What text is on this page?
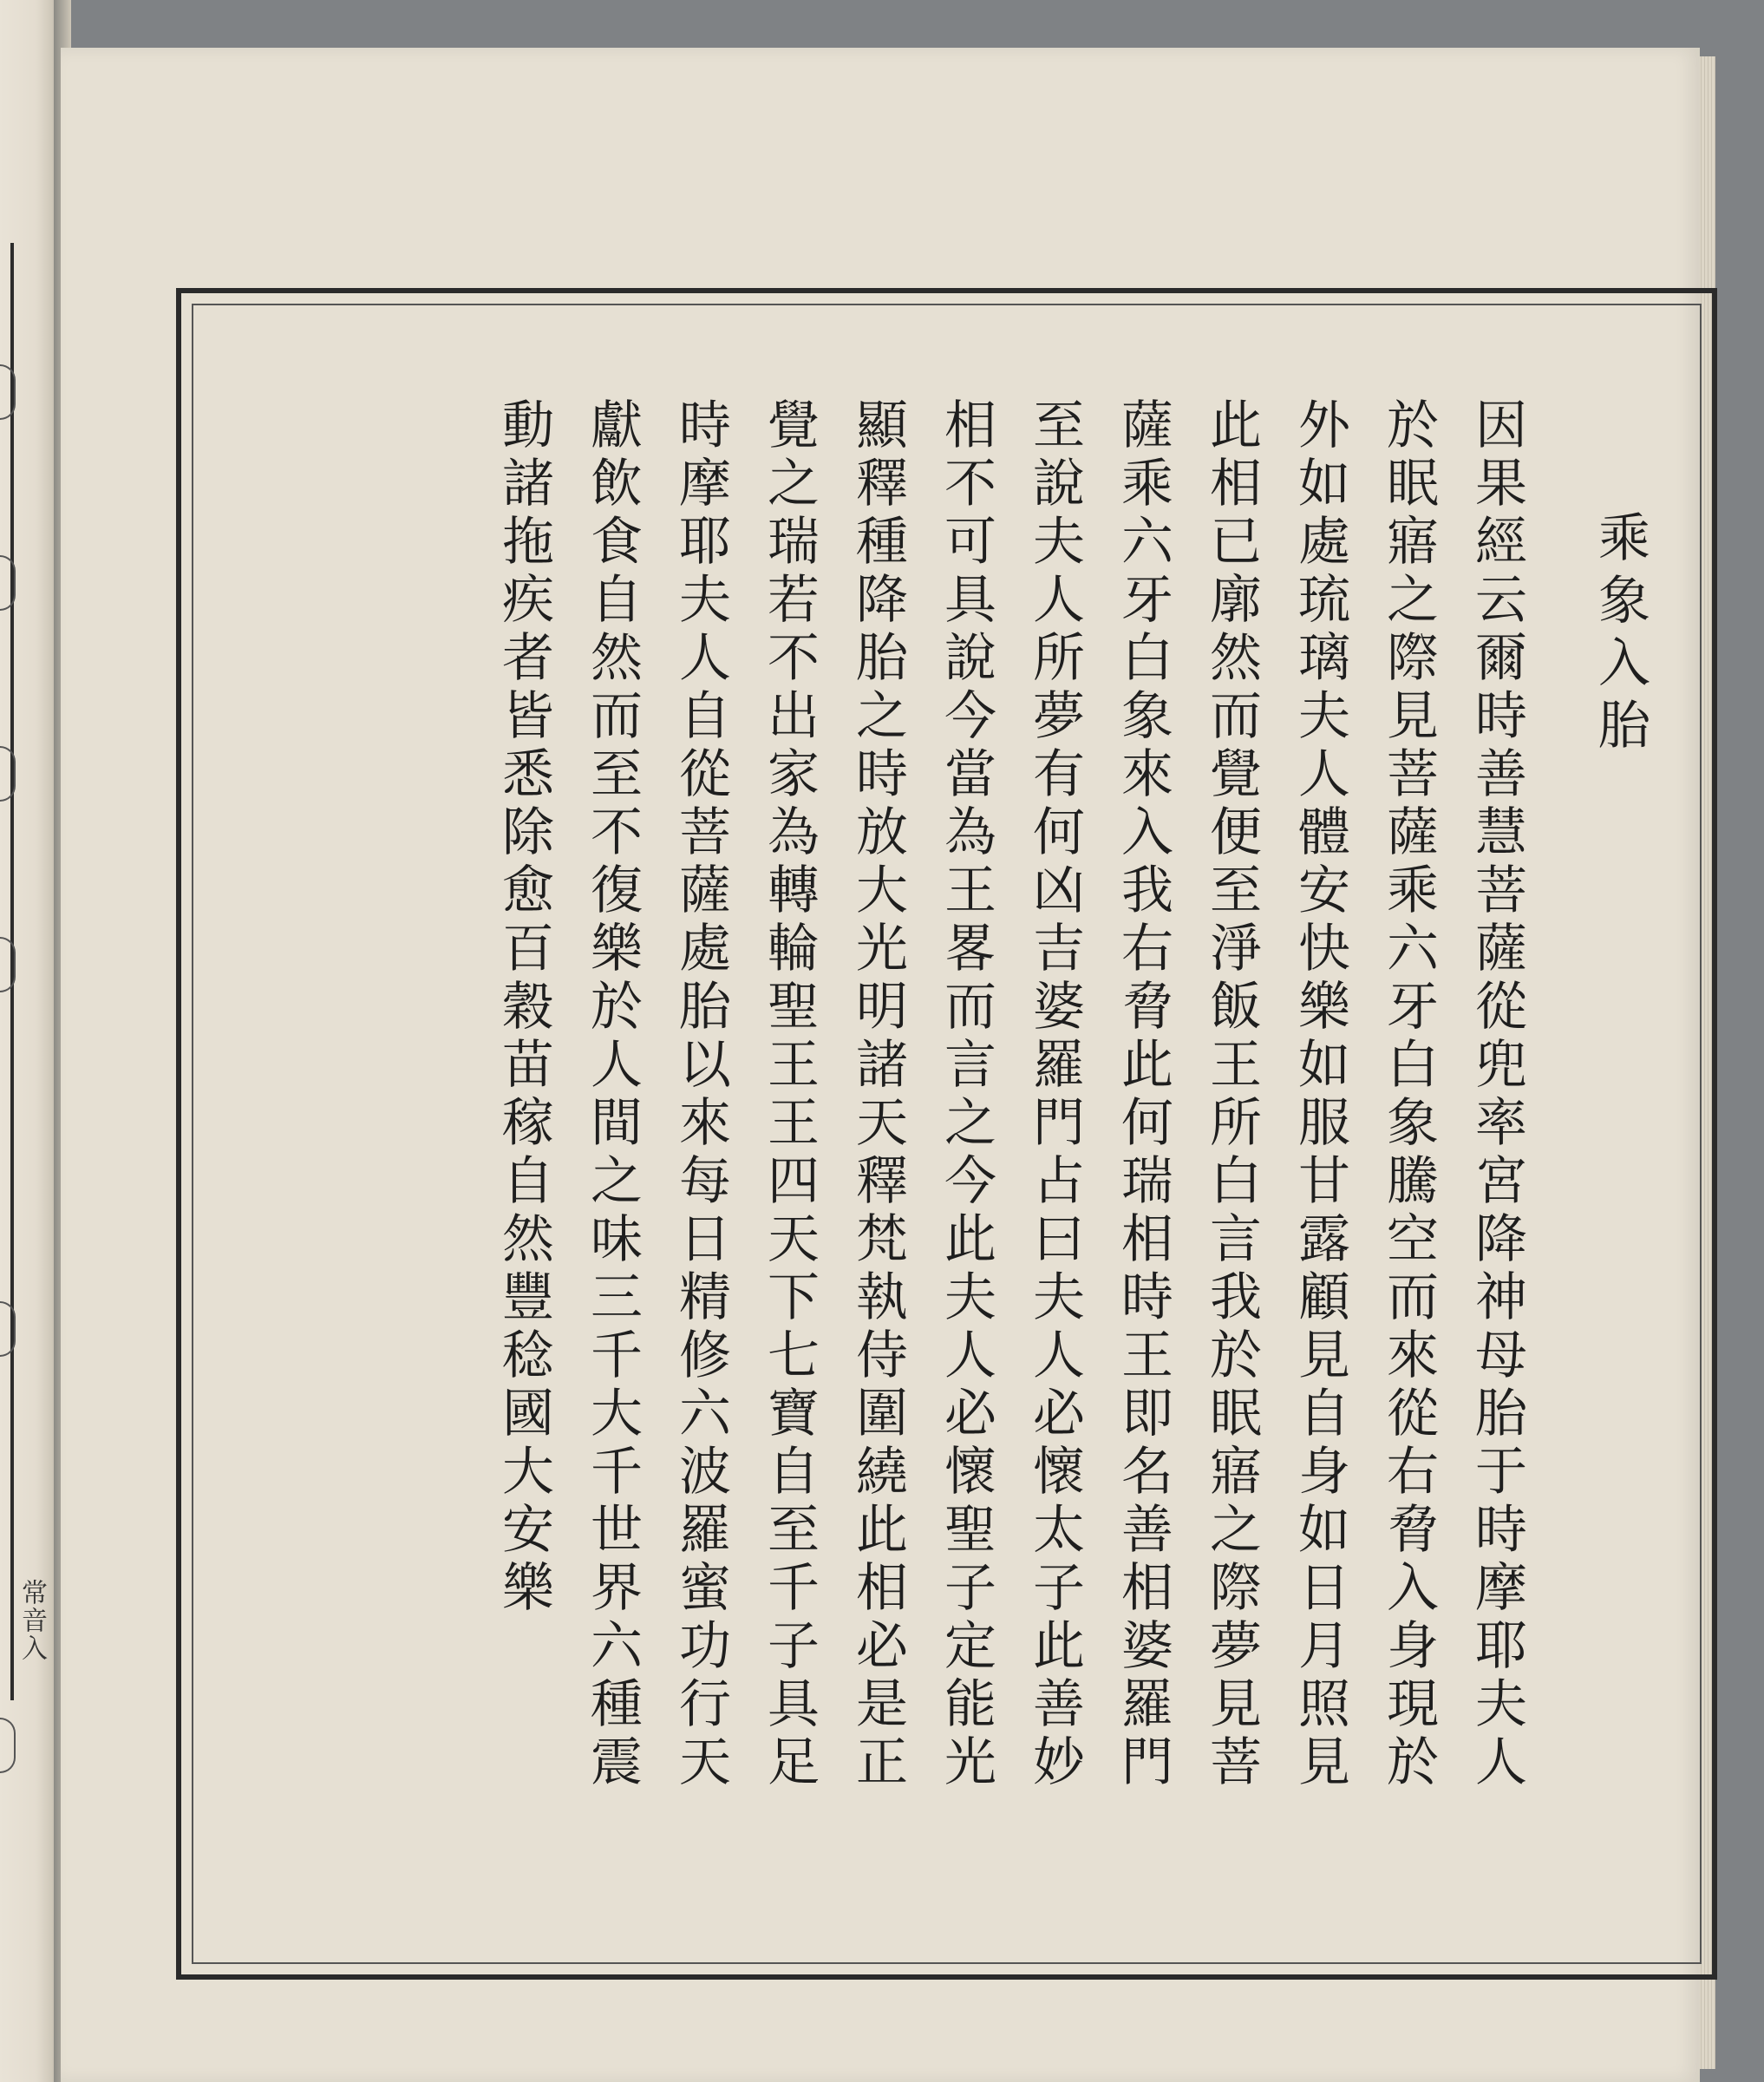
常音入
乘象入胎 因果經云爾時善慧菩薩從兜率宮降神母胎于時摩耶夫人 於眠寤之際見菩薩乘六牙白象騰空而來從右脅入身現於 外如處琉璃夫人體安快樂如服甘露顧見自身如日月照見 此相已廓然而覺便至淨飯王所白言我於眠寤之際夢見菩 薩乘六牙白象來入我右脅此何瑞相時王即名善相婆羅門 至說夫人所夢有何凶吉婆羅門占曰夫人必懷太子此善妙 相不可具說今當為王畧而言之今此夫人必懷聖子定能光 顯釋種降胎之時放大光明諸天釋梵執侍圍繞此相必是正 覺之瑞若不出家為轉輪聖王王四天下七寶自至千子具足 時摩耶夫人自從菩薩處胎以來每日精修六波羅蜜功行天 獻飲食自然而至不復樂於人間之味三千大千世界六種震 動諸拖疾者皆悉除愈百穀苗稼自然豐稔國大安樂
